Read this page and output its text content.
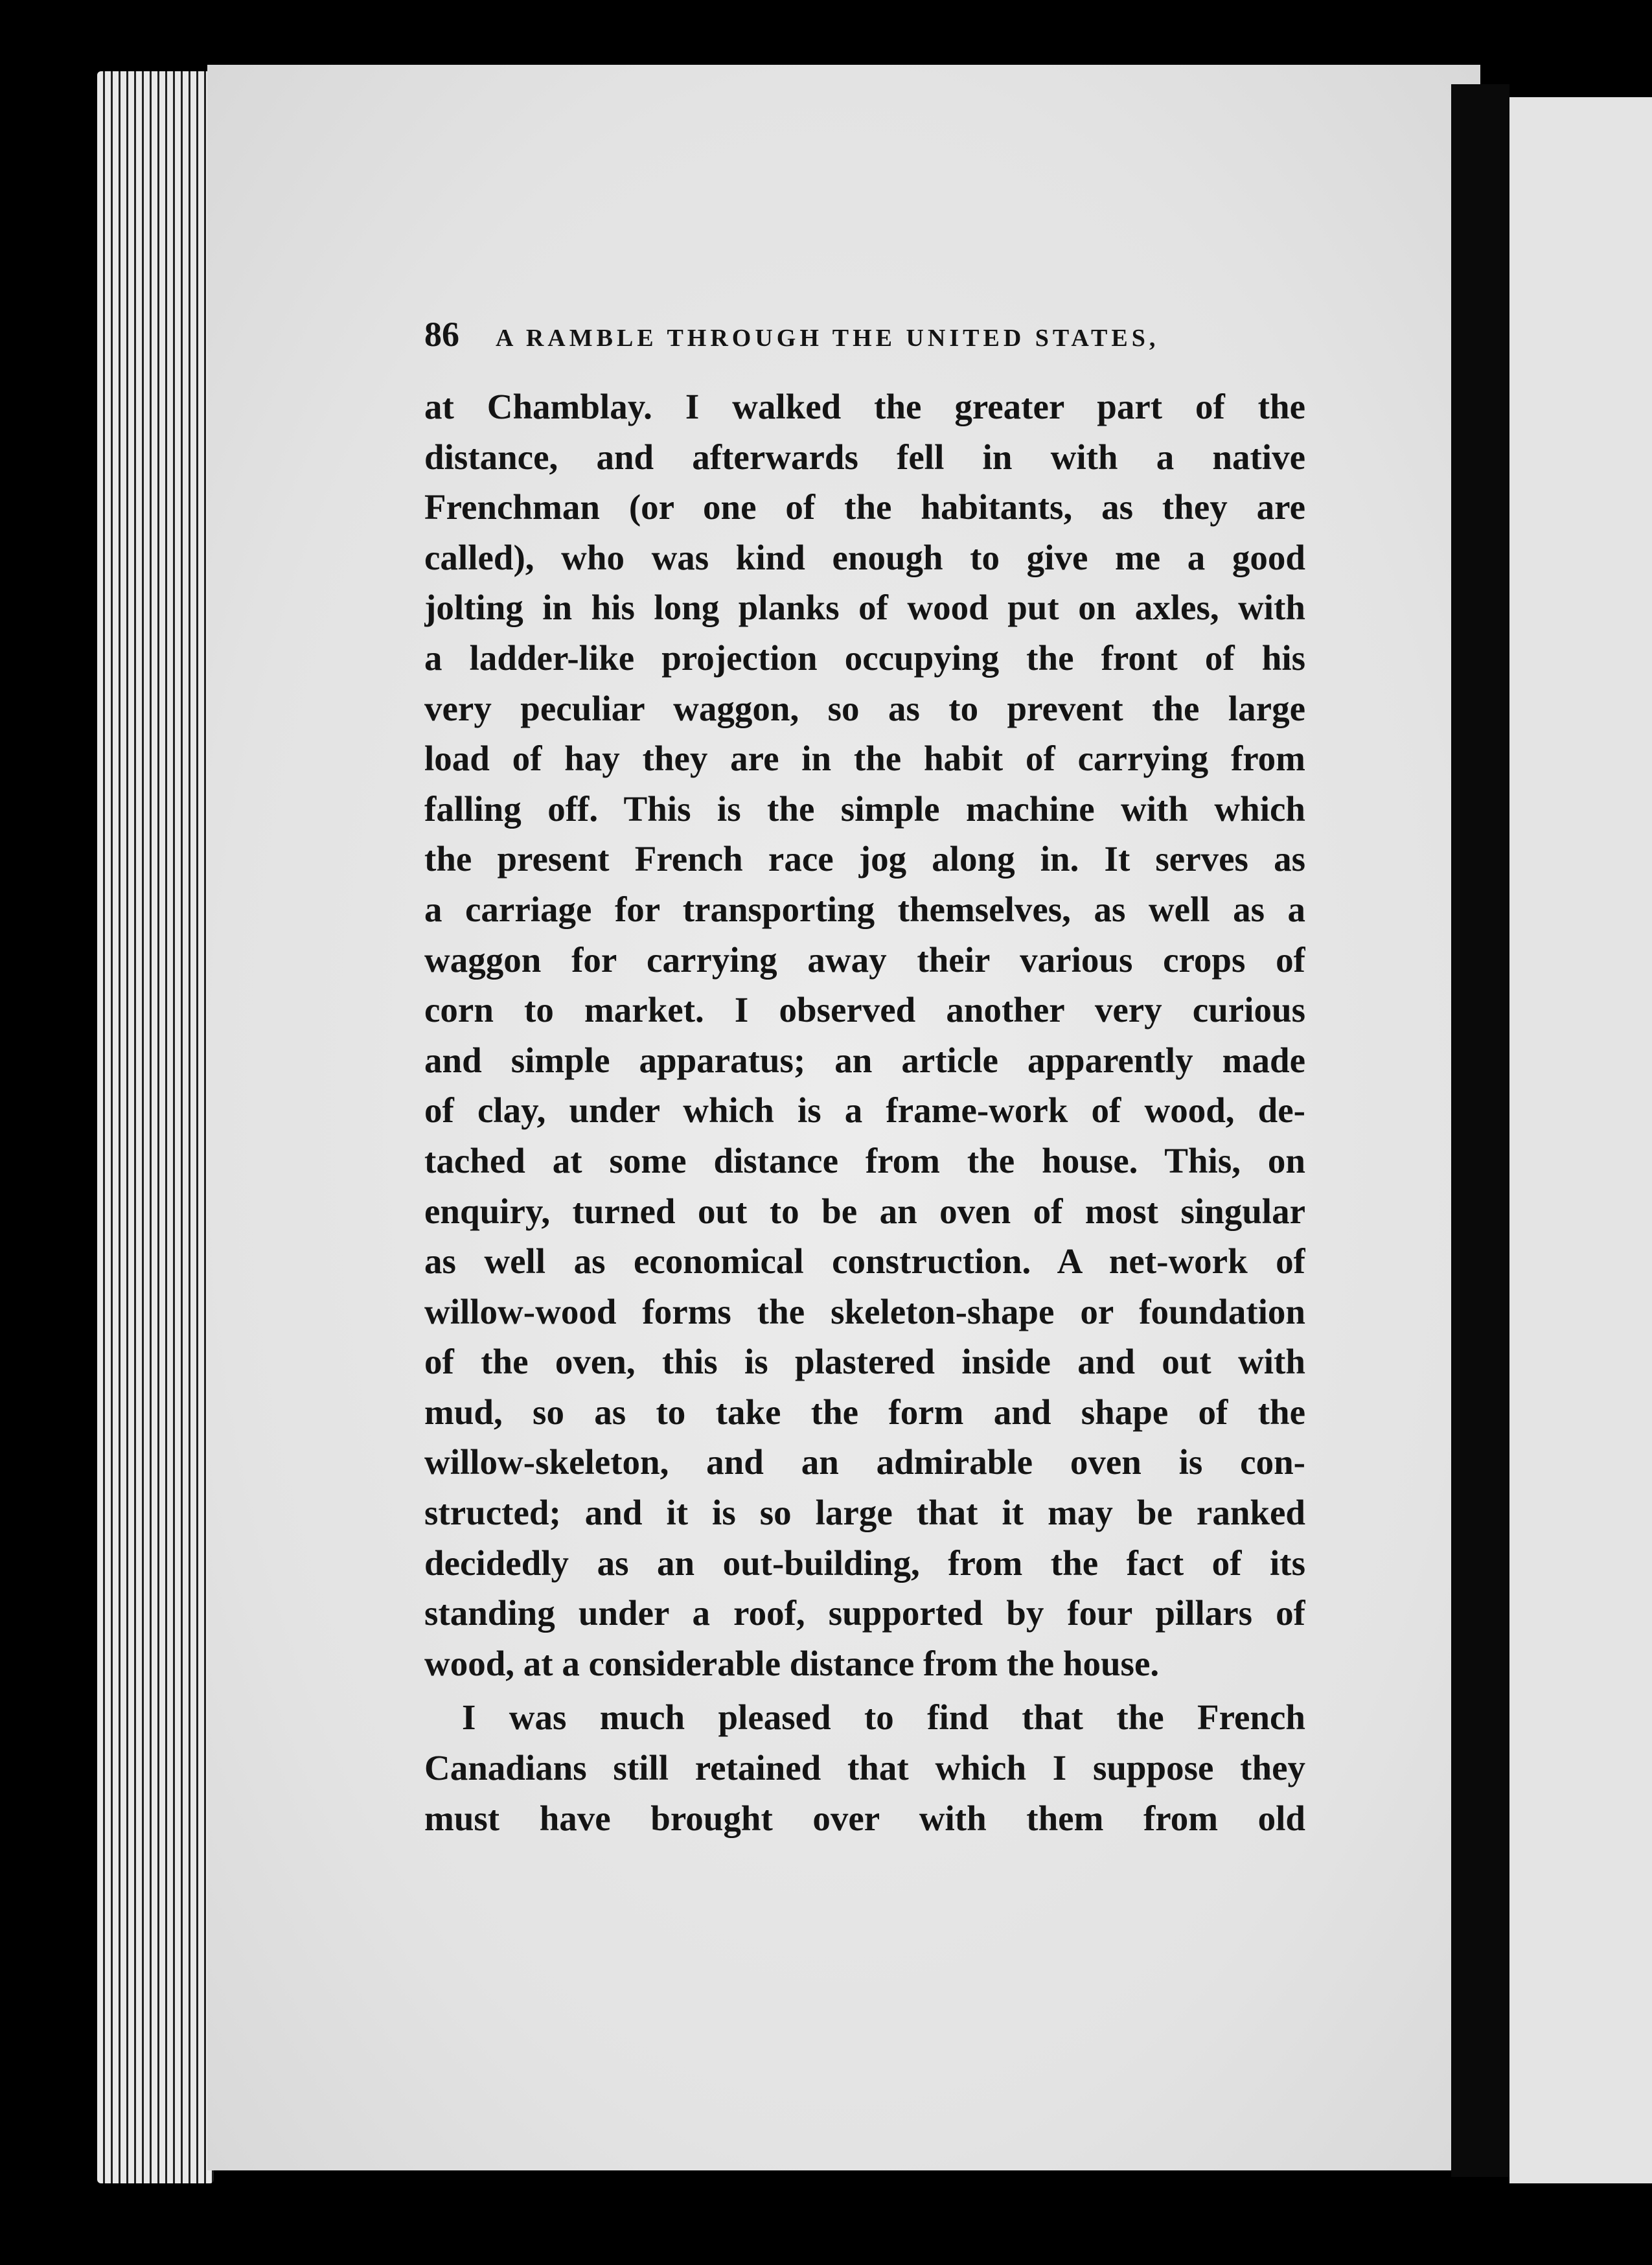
86	A RAMBLE THROUGH THE UNITED STATES,

at Chamblay. I walked the greater part of the
distance, and afterwards fell in with a native
Frenchman (or one of the habitants, as they are
called), who was kind enough to give me a good
jolting in his long planks of wood put on axles, with
a ladder-like projection occupying the front of his
very peculiar waggon, so as to prevent the large
load of hay they are in the habit of carrying from
falling off. This is the simple machine with which
the present French race jog along in. It serves as
a carriage for transporting themselves, as well as a
waggon for carrying away their various crops of
corn to market. I observed another very curious
and simple apparatus; an article apparently made
of clay, under which is a frame-work of wood, de-
tached at some distance from the house. This, on
enquiry, turned out to be an oven of most singular
as well as economical construction. A net-work of
willow-wood forms the skeleton-shape or foundation
of the oven, this is plastered inside and out with
mud, so as to take the form and shape of the
willow-skeleton, and an admirable oven is con-
structed; and it is so large that it may be ranked
decidedly as an out-building, from the fact of its
standing under a roof, supported by four pillars of
wood, at a considerable distance from the house.

I was much pleased to find that the French
Canadians still retained that which I suppose they
must have brought over with them from old
